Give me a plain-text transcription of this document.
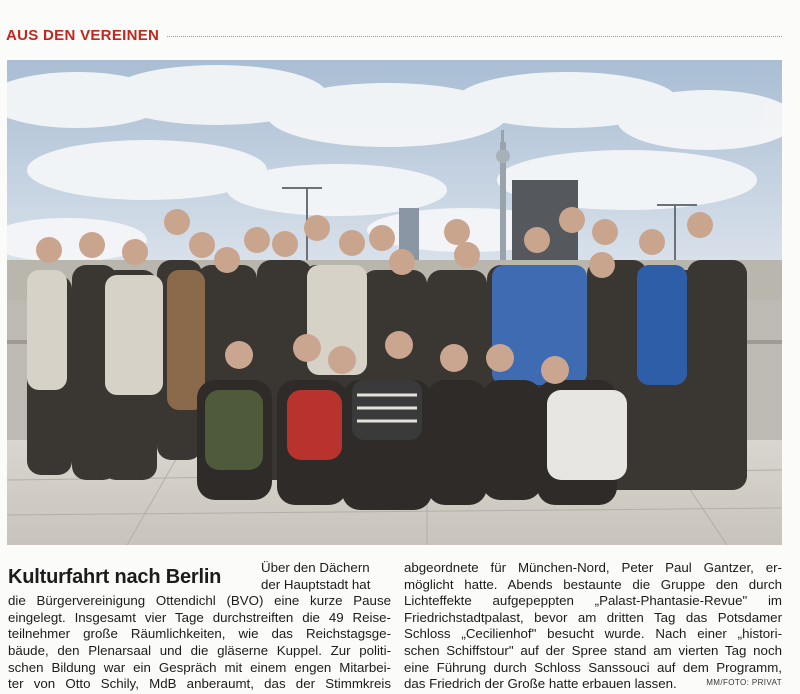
AUS DEN VEREINEN
Kulturfahrt nach Berlin	Über den Dächern
der Hauptstadt hat
die Bürgervereinigung Ottendichl (BVO) eine kurze Pause
eingelegt. Insgesamt vier Tage durchstreiften die 49 Reise-
teilnehmer große Räumlichkeiten, wie das Reichstagsge-
bäude, den Plenarsaal und die gläserne Kuppel. Zur politi-
schen Bildung war ein Gespräch mit einem engen Mitarbei-
ter von Otto Schily, MdB anberaumt, das der Stimmkreis
abgeordnete für München-Nord, Peter Paul Gantzer, er-
möglicht hatte. Abends bestaunte die Gruppe den durch
Lichteffekte aufgepeppten „Palast-Phantasie-Revue" im
Friedrichstadtpalast, bevor am dritten Tag das Potsdamer
Schloss „Cecilienhof" besucht wurde. Nach einer „histori-
schen Schiffstour" auf der Spree stand am vierten Tag noch
eine Führung durch Schloss Sanssouci auf dem Programm,
das Friedrich der Große hatte erbauen lassen.	MM/FOTO: PRIVAT
